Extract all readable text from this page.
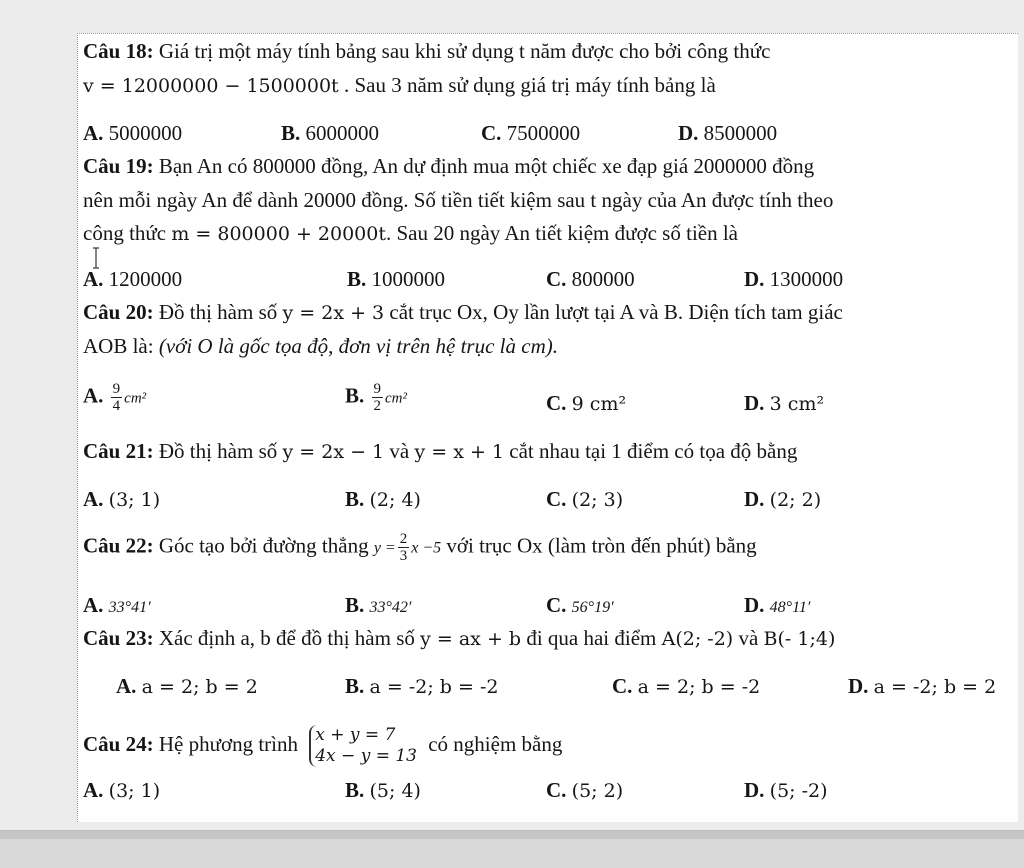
Câu 18: Giá trị một máy tính bảng sau khi sử dụng t năm được cho bởi công thức
v = 12000000 − 1500000t . Sau 3 năm sử dụng giá trị máy tính bảng là
A. 5000000	B. 6000000	C. 7500000	D. 8500000
Câu 19: Bạn An có 800000 đồng, An dự định mua một chiếc xe đạp giá 2000000 đồng
nên mỗi ngày An để dành 20000 đồng. Số tiền tiết kiệm sau t ngày của An được tính theo
công thức m = 800000 + 20000t. Sau 20 ngày An tiết kiệm được số tiền là
A. 1200000	B. 1000000	C. 800000	D. 1300000
Câu 20: Đồ thị hàm số y = 2x + 3 cắt trục Ox, Oy lần lượt tại A và B. Diện tích tam giác
AOB là: (với O là gốc tọa độ, đơn vị trên hệ trục là cm).
A. $\frac{9}{4} cm^2$	B. $\frac{9}{2} cm^2$	C. 9 cm²	D. 3 cm²
Câu 21: Đồ thị hàm số y = 2x − 1 và y = x + 1 cắt nhau tại 1 điểm có tọa độ bằng
A. (3; 1)	B. (2; 4)	C. (2; 3)	D. (2; 2)
Câu 22: Góc tạo bởi đường thẳng $y = \frac{2}{3}$ x −5 với trục Ox (làm tròn đến phút) bằng
A. 33°41′	B. 33°42′	C. 56°19′	D. 48°11′
Câu 23: Xác định a, b để đồ thị hàm số y = ax + b đi qua hai điểm A(2; -2) và B(- 1;4)
A. a = 2; b = 2	B. a = -2; b = -2	C. a = 2; b = -2	D. a = -2; b = 2
Câu 24: Hệ phương trình x + y = 7
4x − y = 13
có nghiệm bằng
A. (3; 1)	B. (5; 4)	C. (5; 2)	D. (5; -2)
